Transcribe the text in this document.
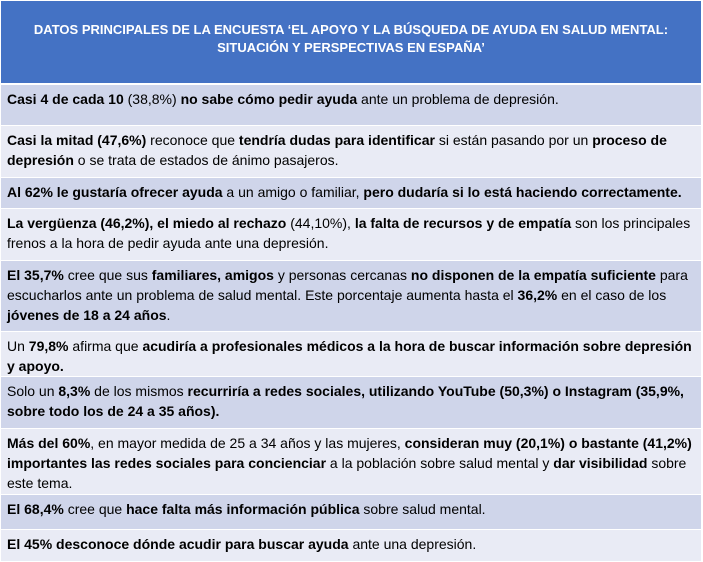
DATOS PRINCIPALES DE LA ENCUESTA ‘EL APOYO Y LA BÚSQUEDA DE AYUDA EN SALUD MENTAL: SITUACIÓN Y PERSPECTIVAS EN ESPAÑA’
Casi 4 de cada 10 (38,8%) no sabe cómo pedir ayuda ante un problema de depresión.
Casi la mitad (47,6%) reconoce que tendría dudas para identificar si están pasando por un proceso de depresión o se trata de estados de ánimo pasajeros.
Al 62% le gustaría ofrecer ayuda a un amigo o familiar, pero dudaría si lo está haciendo correctamente.
La vergüenza (46,2%), el miedo al rechazo (44,10%), la falta de recursos y de empatía son los principales frenos a la hora de pedir ayuda ante una depresión.
El 35,7% cree que sus familiares, amigos y personas cercanas no disponen de la empatía suficiente para escucharlos ante un problema de salud mental. Este porcentaje aumenta hasta el 36,2% en el caso de los jóvenes de 18 a 24 años.
Un 79,8% afirma que acudiría a profesionales médicos a la hora de buscar información sobre depresión y apoyo.
Solo un 8,3% de los mismos recurriría a redes sociales, utilizando YouTube (50,3%) o Instagram (35,9%, sobre todo los de 24 a 35 años).
Más del 60%, en mayor medida de 25 a 34 años y las mujeres, consideran muy (20,1%) o bastante (41,2%) importantes las redes sociales para concienciar a la población sobre salud mental y dar visibilidad sobre este tema.
El 68,4% cree que hace falta más información pública sobre salud mental.
El 45% desconoce dónde acudir para buscar ayuda ante una depresión.
